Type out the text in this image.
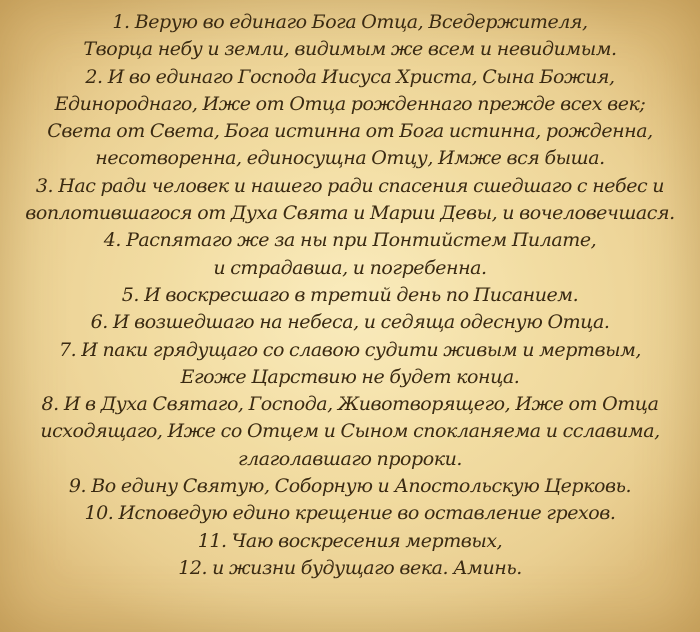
1. Верую во единаго Бога Отца, Вседержителя,
Творца небу и земли, видимым же всем и невидимым.
2. И во единаго Господа Иисуса Христа, Сына Божия,
Единороднаго, Иже от Отца рожденнаго прежде всех век;
Света от Света, Бога истинна от Бога истинна, рожденна,
несотворенна, единосущна Отцу, Имже вся быша.
3. Нас ради человек и нашего ради спасения сшедшаго с небес и
воплотившагося от Духа Свята и Марии Девы, и вочеловечшася.
4. Распятаго же за ны при Понтийстем Пилате,
и страдавша, и погребенна.
5. И воскресшаго в третий день по Писанием.
6. И возшедшаго на небеса, и седяща одесную Отца.
7. И паки грядущаго со славою судити живым и мертвым,
Егоже Царствию не будет конца.
8. И в Духа Святаго, Господа, Животворящего, Иже от Отца
исходящаго, Иже со Отцем и Сыном спокланяема и сславима,
глаголавшаго пророки.
9. Во едину Святую, Соборную и Апостольскую Церковь.
10. Исповедую едино крещение во оставление грехов.
11. Чаю воскресения мертвых,
12. и жизни будущаго века. Аминь.
